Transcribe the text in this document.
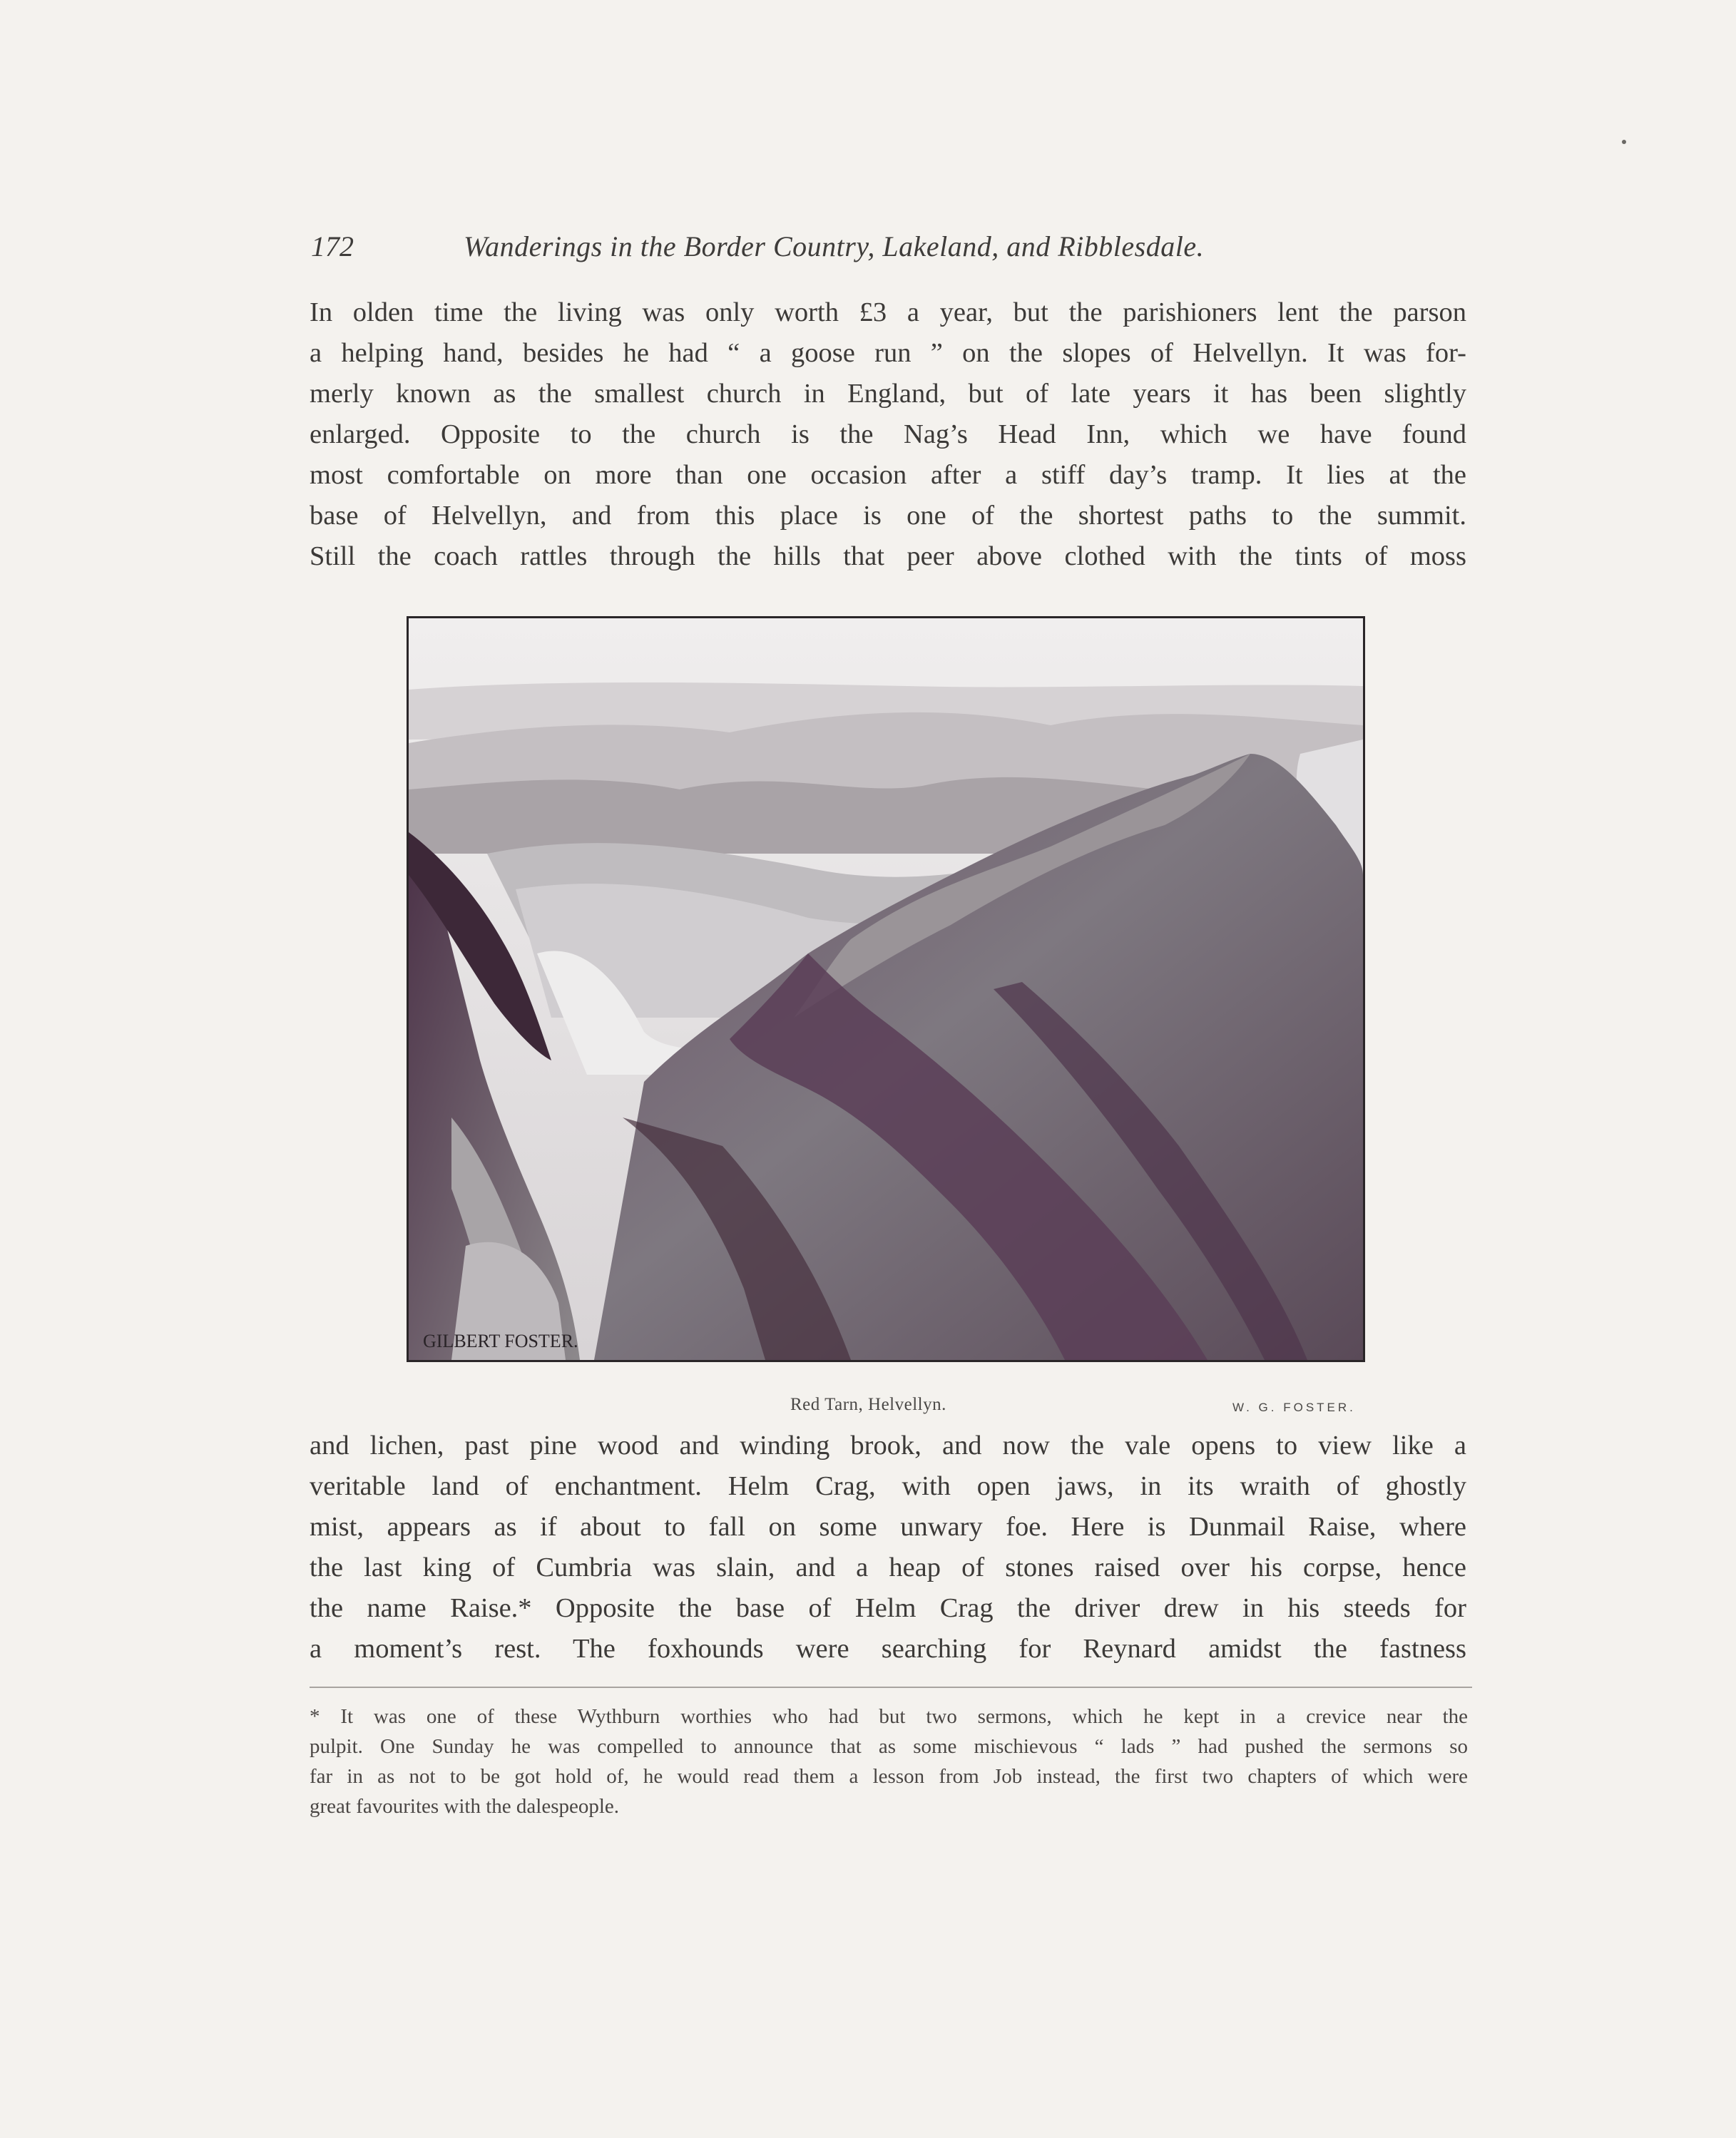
172	Wanderings in the Border Country, Lakeland, and Ribblesdale.

In olden time the living was only worth £3 a year, but the parishioners lent the parson
a helping hand, besides he had “ a goose run ” on the slopes of Helvellyn. It was for-
merly known as the smallest church in England, but of late years it has been slightly
enlarged. Opposite to the church is the Nag’s Head Inn, which we have found
most comfortable on more than one occasion after a stiff day’s tramp. It lies at the
base of Helvellyn, and from this place is one of the shortest paths to the summit.
Still the coach rattles through the hills that peer above clothed with the tints of moss

GILBERT FOSTER.
Red Tarn, Helvellyn.	W. G. FOSTER.

and lichen, past pine wood and winding brook, and now the vale opens to view like a
veritable land of enchantment. Helm Crag, with open jaws, in its wraith of ghostly
mist, appears as if about to fall on some unwary foe. Here is Dunmail Raise, where
the last king of Cumbria was slain, and a heap of stones raised over his corpse, hence
the name Raise.* Opposite the base of Helm Crag the driver drew in his steeds for
a moment’s rest. The foxhounds were searching for Reynard amidst the fastness

* It was one of these Wythburn worthies who had but two sermons, which he kept in a crevice near the
pulpit. One Sunday he was compelled to announce that as some mischievous “ lads ” had pushed the sermons so
far in as not to be got hold of, he would read them a lesson from Job instead, the first two chapters of which were
great favourites with the dalespeople.
